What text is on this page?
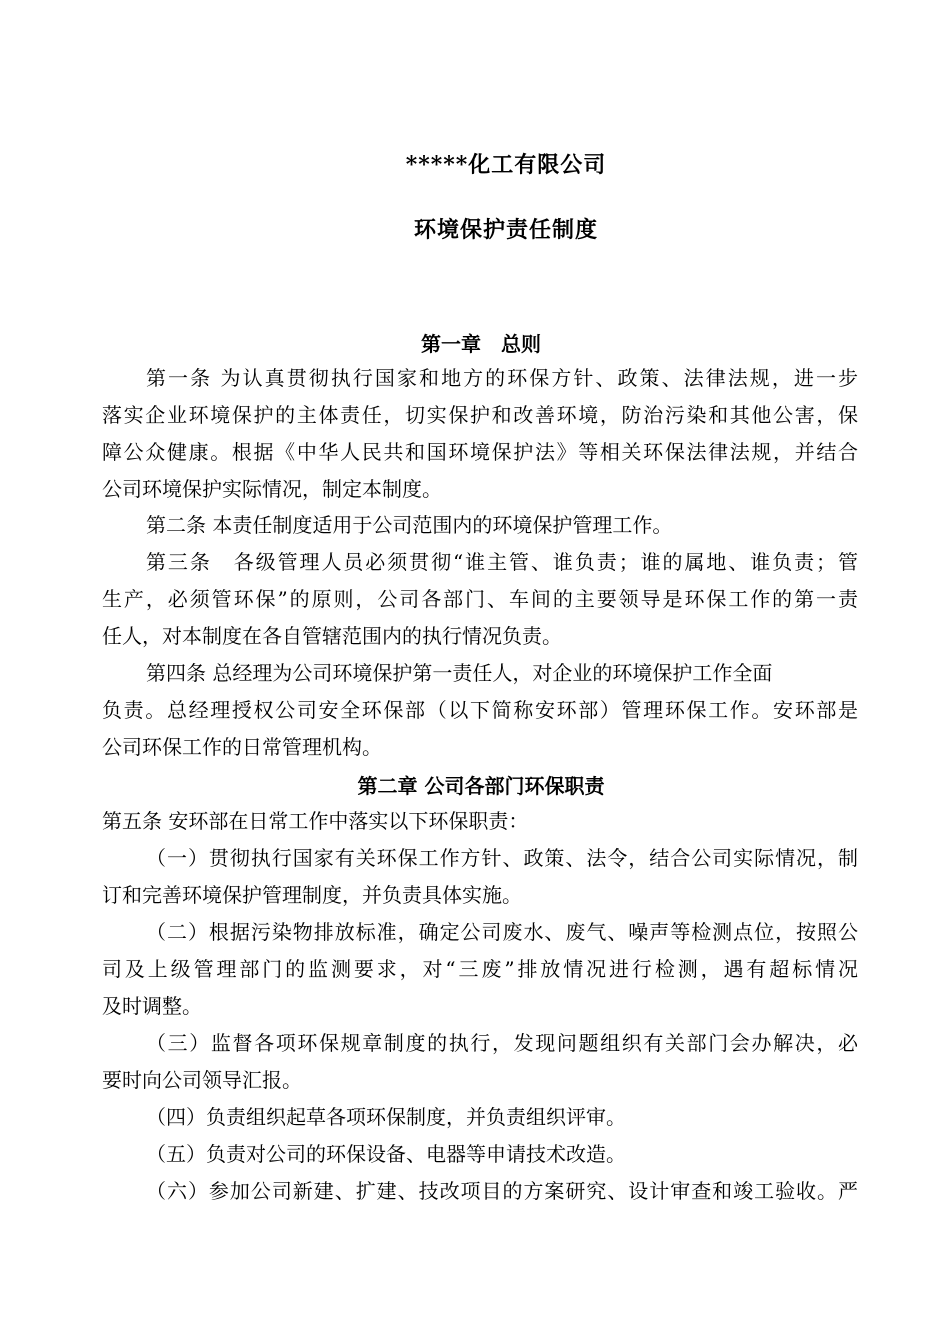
*****化工有限公司
环境保护责任制度
第一章　总则
第一条 为认真贯彻执行国家和地方的环保方针、政策、法律法规，进一步
落实企业环境保护的主体责任，切实保护和改善环境，防治污染和其他公害，保
障公众健康。根据《中华人民共和国环境保护法》等相关环保法律法规，并结合
公司环境保护实际情况，制定本制度。
第二条 本责任制度适用于公司范围内的环境保护管理工作。
第三条　各级管理人员必须贯彻“谁主管、谁负责；谁的属地、谁负责；管
生产，必须管环保”的原则，公司各部门、车间的主要领导是环保工作的第一责
任人，对本制度在各自管辖范围内的执行情况负责。
第四条 总经理为公司环境保护第一责任人，对企业的环境保护工作全面
负责。总经理授权公司安全环保部（以下简称安环部）管理环保工作。安环部是
公司环保工作的日常管理机构。
第二章 公司各部门环保职责
第五条 安环部在日常工作中落实以下环保职责：
（一）贯彻执行国家有关环保工作方针、政策、法令，结合公司实际情况，制
订和完善环境保护管理制度，并负责具体实施。
（二）根据污染物排放标准，确定公司废水、废气、噪声等检测点位，按照公
司及上级管理部门的监测要求，对“三废”排放情况进行检测，遇有超标情况
及时调整。
（三）监督各项环保规章制度的执行，发现问题组织有关部门会办解决，必
要时向公司领导汇报。
（四）负责组织起草各项环保制度，并负责组织评审。
（五）负责对公司的环保设备、电器等申请技术改造。
（六）参加公司新建、扩建、技改项目的方案研究、设计审查和竣工验收。严
